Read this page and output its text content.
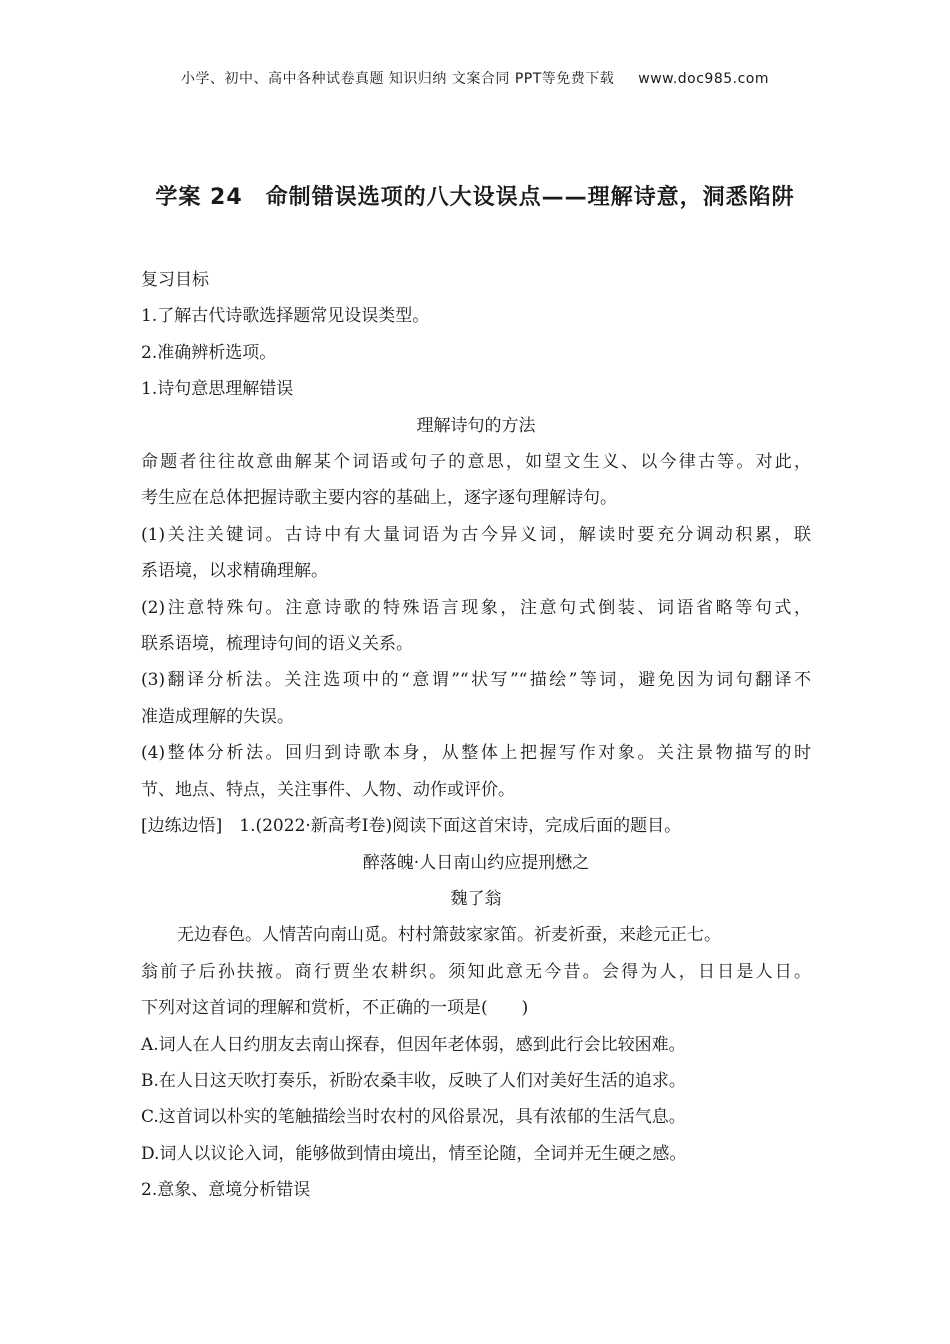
小学、初中、高中各种试卷真题 知识归纳 文案合同 PPT等免费下载 www.doc985.com
学案 24　命制错误选项的八大设误点——理解诗意，洞悉陷阱
复习目标
1.了解古代诗歌选择题常见设误类型。
2.准确辨析选项。
1.诗句意思理解错误
理解诗句的方法
命题者往往故意曲解某个词语或句子的意思，如望文生义、以今律古等。对此，
考生应在总体把握诗歌主要内容的基础上，逐字逐句理解诗句。
(1)关注关键词。古诗中有大量词语为古今异义词，解读时要充分调动积累，联
系语境，以求精确理解。
(2)注意特殊句。注意诗歌的特殊语言现象，注意句式倒装、词语省略等句式，
联系语境，梳理诗句间的语义关系。
(3)翻译分析法。关注选项中的“意谓”“状写”“描绘”等词，避免因为词句翻译不
准造成理解的失误。
(4)整体分析法。回归到诗歌本身，从整体上把握写作对象。关注景物描写的时
节、地点、特点，关注事件、人物、动作或评价。
[边练边悟]　1.(2022·新高考Ⅰ卷)阅读下面这首宋诗，完成后面的题目。
醉落魄·人日南山约应提刑懋之
魏了翁
无边春色。人情苦向南山觅。村村箫鼓家家笛。祈麦祈蚕，来趁元正七。
翁前子后孙扶掖。商行贾坐农耕织。须知此意无今昔。会得为人，日日是人日。
下列对这首词的理解和赏析，不正确的一项是(　　)
A.词人在人日约朋友去南山探春，但因年老体弱，感到此行会比较困难。
B.在人日这天吹打奏乐，祈盼农桑丰收，反映了人们对美好生活的追求。
C.这首词以朴实的笔触描绘当时农村的风俗景况，具有浓郁的生活气息。
D.词人以议论入词，能够做到情由境出，情至论随，全词并无生硬之感。
2.意象、意境分析错误
